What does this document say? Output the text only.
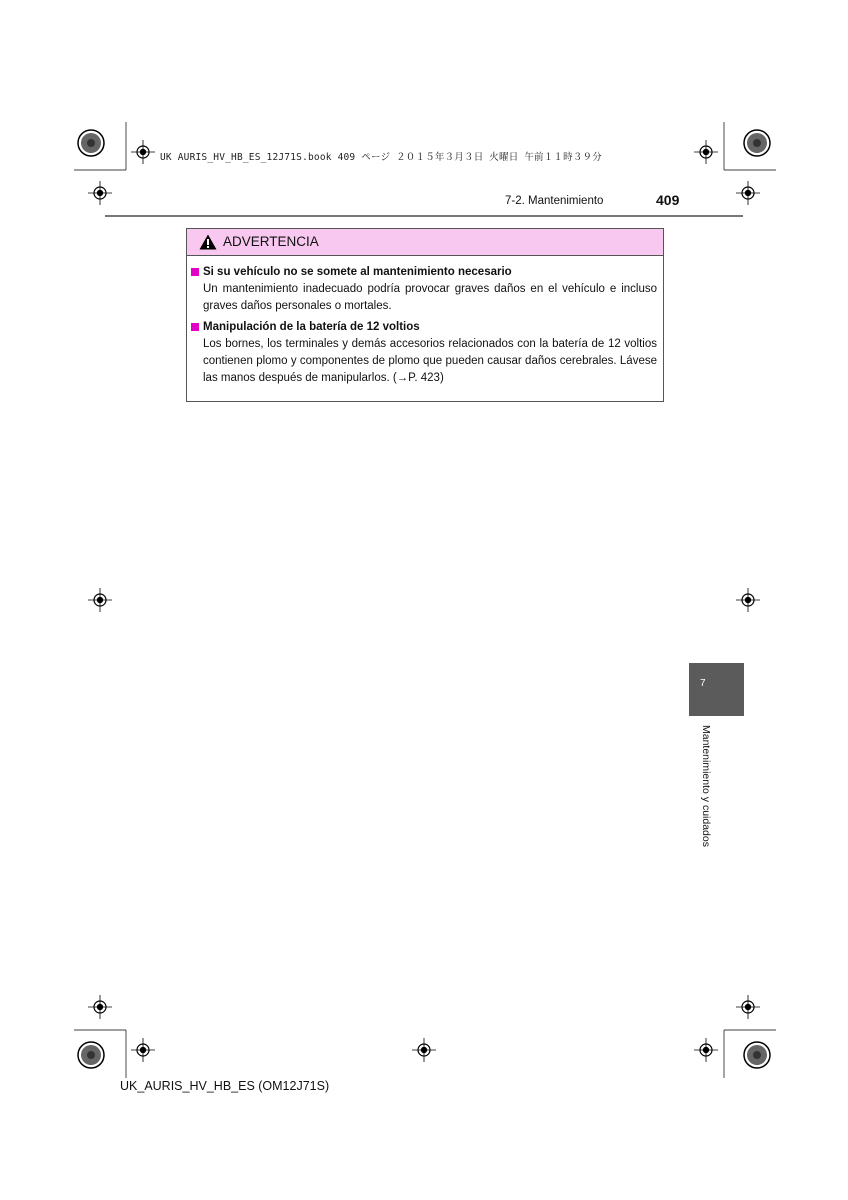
UK AURIS_HV_HB_ES_12J71S.book 409 ページ ２０１５年３月３日 火曜日 午前１１時３９分
7-2. Mantenimiento	409
ADVERTENCIA
Si su vehículo no se somete al mantenimiento necesario
Un mantenimiento inadecuado podría provocar graves daños en el vehículo e incluso graves daños personales o mortales.
Manipulación de la batería de 12 voltios
Los bornes, los terminales y demás accesorios relacionados con la batería de 12 voltios contienen plomo y componentes de plomo que pueden causar daños cerebrales. Lávese las manos después de manipularlos. (→P. 423)
7
Mantenimiento y cuidados
UK_AURIS_HV_HB_ES (OM12J71S)
